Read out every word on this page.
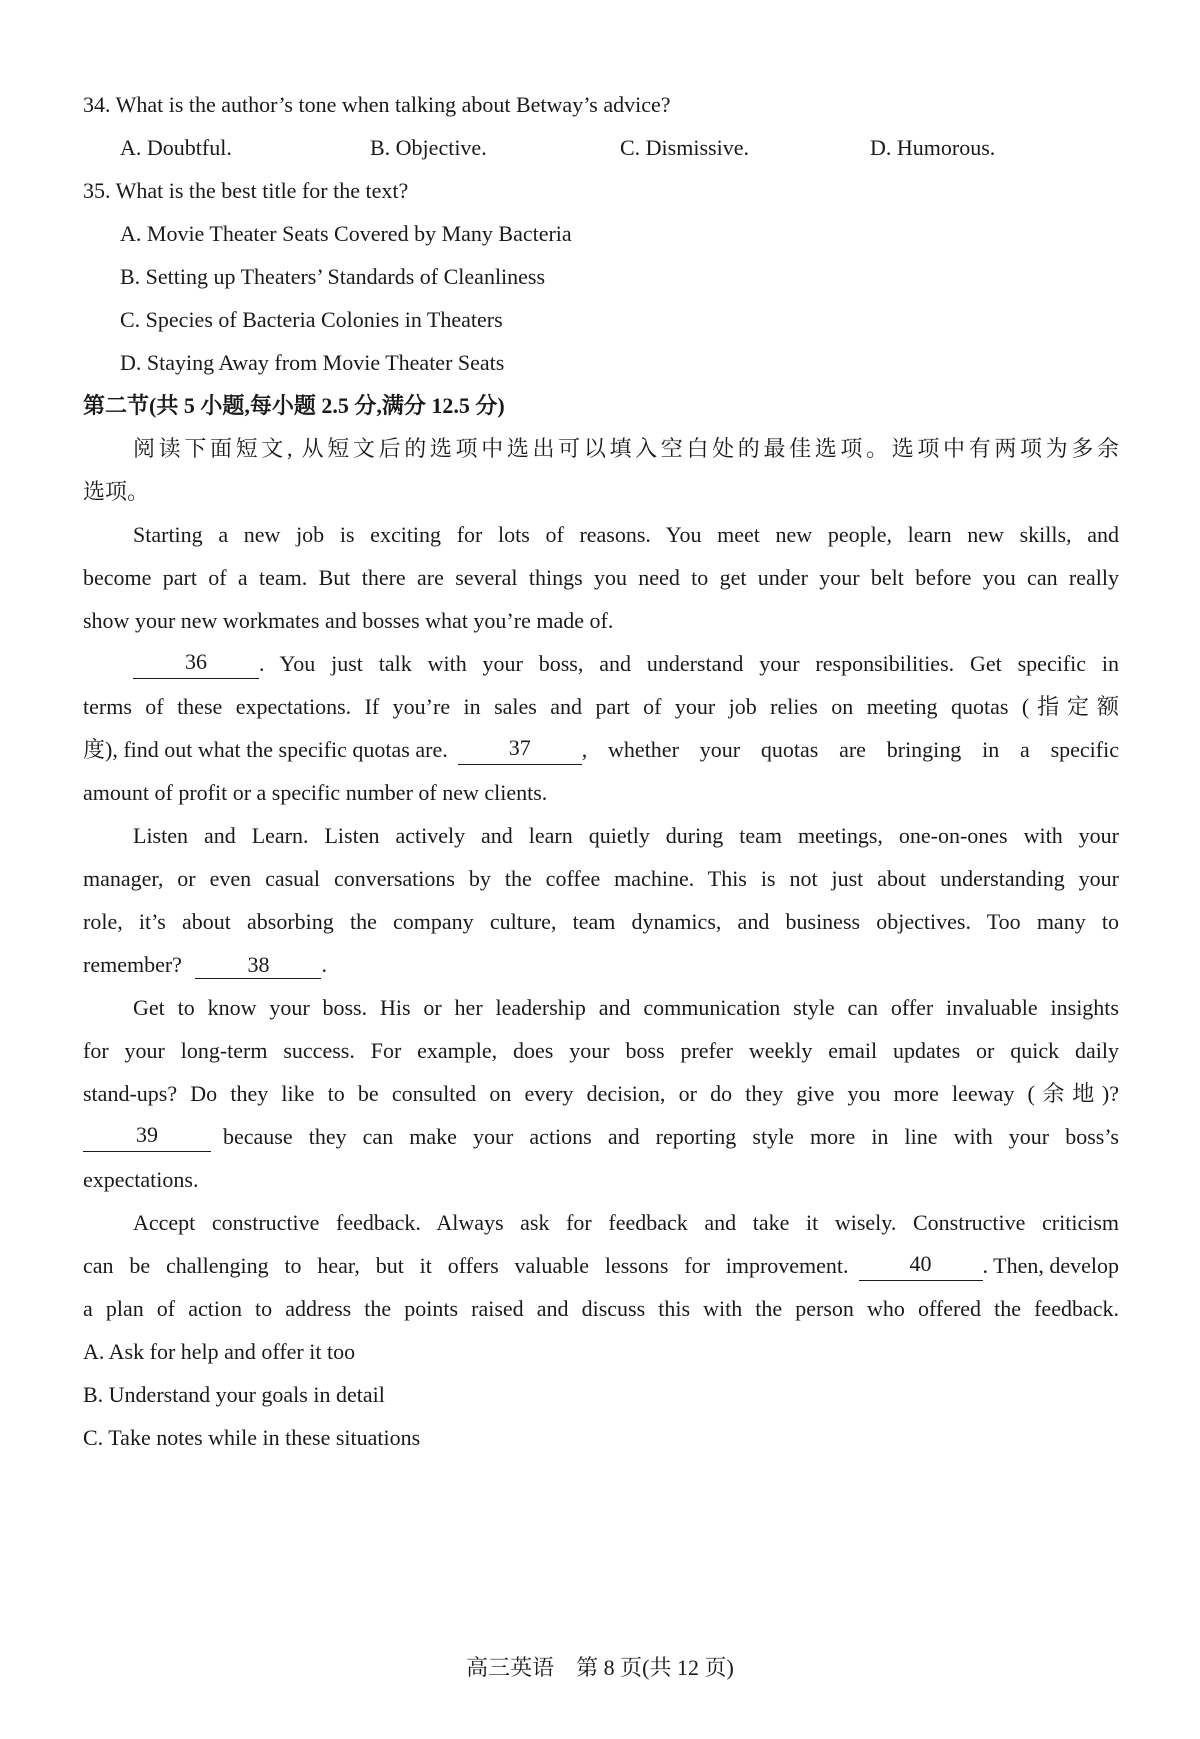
34. What is the author’s tone when talking about Betway’s advice?
A. Doubtful.	B. Objective.	C. Dismissive.	D. Humorous.
35. What is the best title for the text?
A. Movie Theater Seats Covered by Many Bacteria
B. Setting up Theaters’ Standards of Cleanliness
C. Species of Bacteria Colonies in Theaters
D. Staying Away from Movie Theater Seats
第二节(共 5 小题,每小题 2.5 分,满分 12.5 分)
阅读下面短文, 从短文后的选项中选出可以填入空白处的最佳选项。选项中有两项为多余
选项。
Starting a new job is exciting for lots of reasons. You meet new people, learn new skills, and
become part of a team. But there are several things you need to get under your belt before you can really
show your new workmates and bosses what you’re made of.
36	. You just talk with your boss, and understand your responsibilities. Get specific in
terms of these expectations. If you’re in sales and part of your job relies on meeting quotas (指定额
度), find out what the specific quotas are.	37	, whether your quotas are bringing in a specific
amount of profit or a specific number of new clients.
Listen and Learn. Listen actively and learn quietly during team meetings, one-on-ones with your
manager, or even casual conversations by the coffee machine. This is not just about understanding your
role, it’s about absorbing the company culture, team dynamics, and business objectives. Too many to
remember?	38 .
Get to know your boss. His or her leadership and communication style can offer invaluable insights
for your long-term success. For example, does your boss prefer weekly email updates or quick daily
stand-ups? Do they like to be consulted on every decision, or do they give you more leeway (余地)?
39	because they can make your actions and reporting style more in line with your boss’s
expectations.
Accept constructive feedback. Always ask for feedback and take it wisely. Constructive criticism
can be challenging to hear, but it offers valuable lessons for improvement.	40	. Then, develop
a plan of action to address the points raised and discuss this with the person who offered the feedback.
A. Ask for help and offer it too
B. Understand your goals in detail
C. Take notes while in these situations
高三英语　第 8 页(共 12 页)
